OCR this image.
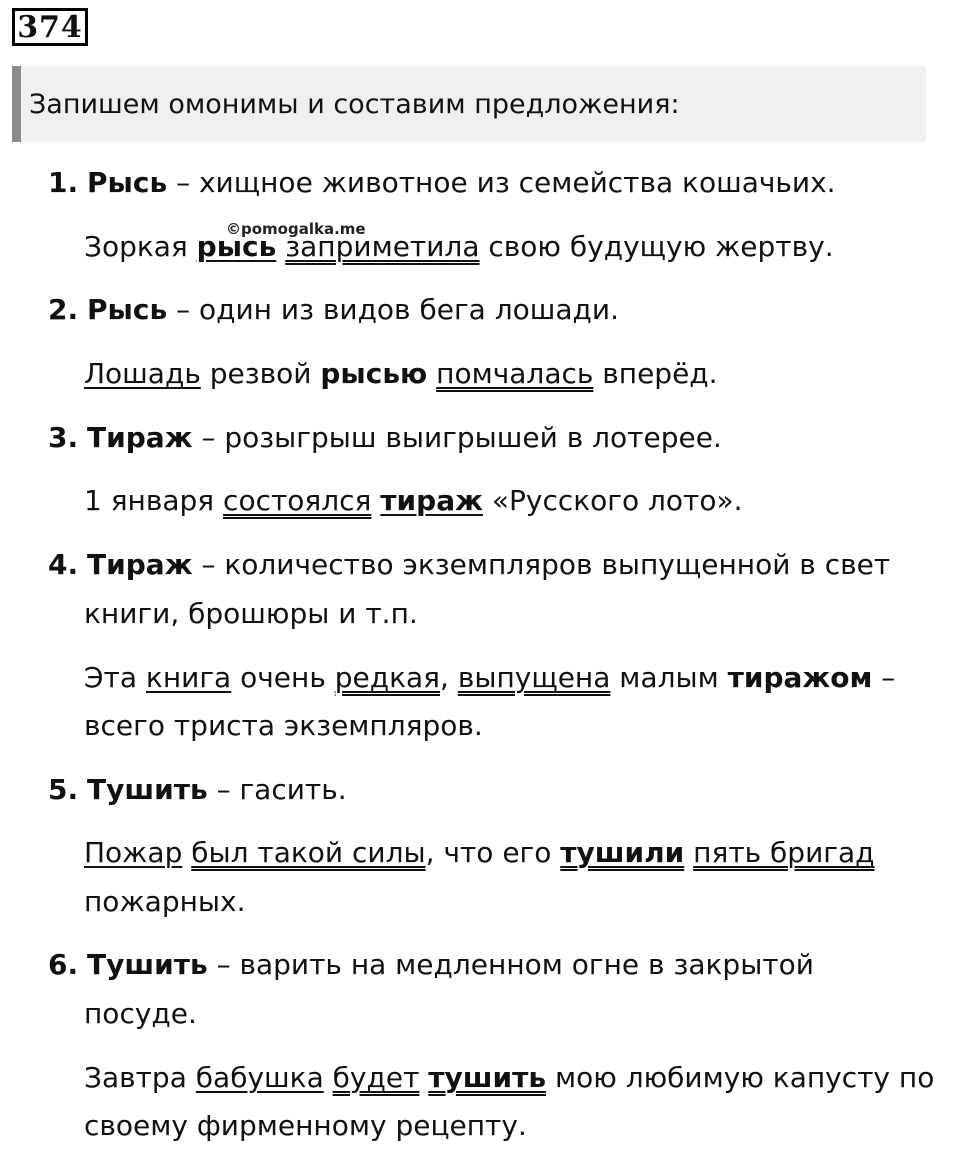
374
Запишем омонимы и составим предложения:
©pomogalka.me
1. Рысь – хищное животное из семейства кошачьих.
Зоркая рысь заприметила свою будущую жертву.
2. Рысь – один из видов бега лошади.
Лошадь резвой рысью помчалась вперёд.
3. Тираж – розыгрыш выигрышей в лотерее.
1 января состоялся тираж «Русского лото».
4. Тираж – количество экземпляров выпущенной в свет
книги, брошюры и т.п.
Эта книга очень редкая, выпущена малым тиражом –
всего триста экземпляров.
5. Тушить – гасить.
Пожар был такой силы, что его тушили пять бригад
пожарных.
6. Тушить – варить на медленном огне в закрытой
посуде.
Завтра бабушка будет тушить мою любимую капусту по
своему фирменному рецепту.
